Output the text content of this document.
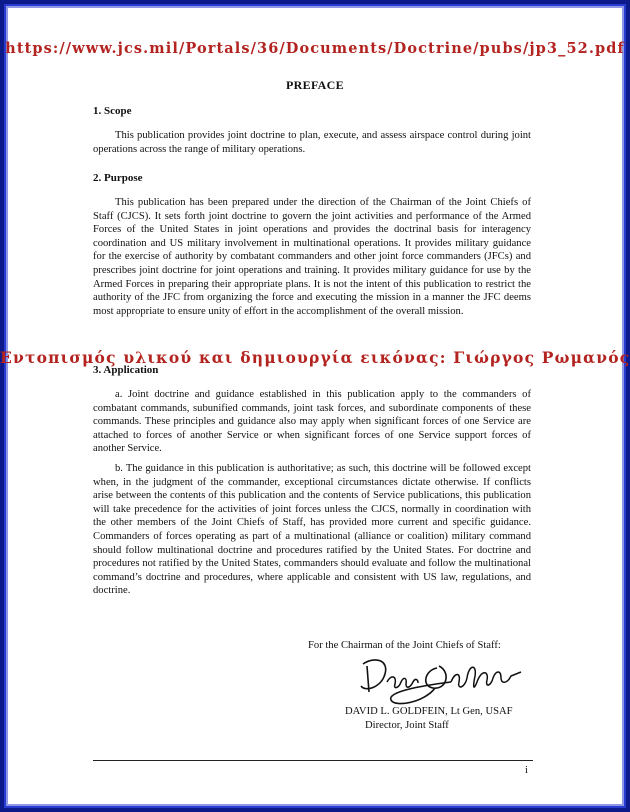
https://www.jcs.mil/Portals/36/Documents/Doctrine/pubs/jp3_52.pdf
PREFACE
1. Scope
This publication provides joint doctrine to plan, execute, and assess airspace control during joint operations across the range of military operations.
2. Purpose
This publication has been prepared under the direction of the Chairman of the Joint Chiefs of Staff (CJCS). It sets forth joint doctrine to govern the joint activities and performance of the Armed Forces of the United States in joint operations and provides the doctrinal basis for interagency coordination and US military involvement in multinational operations. It provides military guidance for the exercise of authority by combatant commanders and other joint force commanders (JFCs) and prescribes joint doctrine for joint operations and training. It provides military guidance for use by the Armed Forces in preparing their appropriate plans. It is not the intent of this publication to restrict the authority of the JFC from organizing the force and executing the mission in a manner the JFC deems most appropriate to ensure unity of effort in the accomplishment of the overall mission.
Εντοπισμός υλικού και δημιουργία εικόνας: Γιώργος Ρωμανός
3. Application
a. Joint doctrine and guidance established in this publication apply to the commanders of combatant commands, subunified commands, joint task forces, and subordinate components of these commands. These principles and guidance also may apply when significant forces of one Service are attached to forces of another Service or when significant forces of one Service support forces of another Service.
b. The guidance in this publication is authoritative; as such, this doctrine will be followed except when, in the judgment of the commander, exceptional circumstances dictate otherwise. If conflicts arise between the contents of this publication and the contents of Service publications, this publication will take precedence for the activities of joint forces unless the CJCS, normally in coordination with the other members of the Joint Chiefs of Staff, has provided more current and specific guidance. Commanders of forces operating as part of a multinational (alliance or coalition) military command should follow multinational doctrine and procedures ratified by the United States. For doctrine and procedures not ratified by the United States, commanders should evaluate and follow the multinational command’s doctrine and procedures, where applicable and consistent with US law, regulations, and doctrine.
For the Chairman of the Joint Chiefs of Staff:
DAVID L. GOLDFEIN, Lt Gen, USAF
Director, Joint Staff
i
